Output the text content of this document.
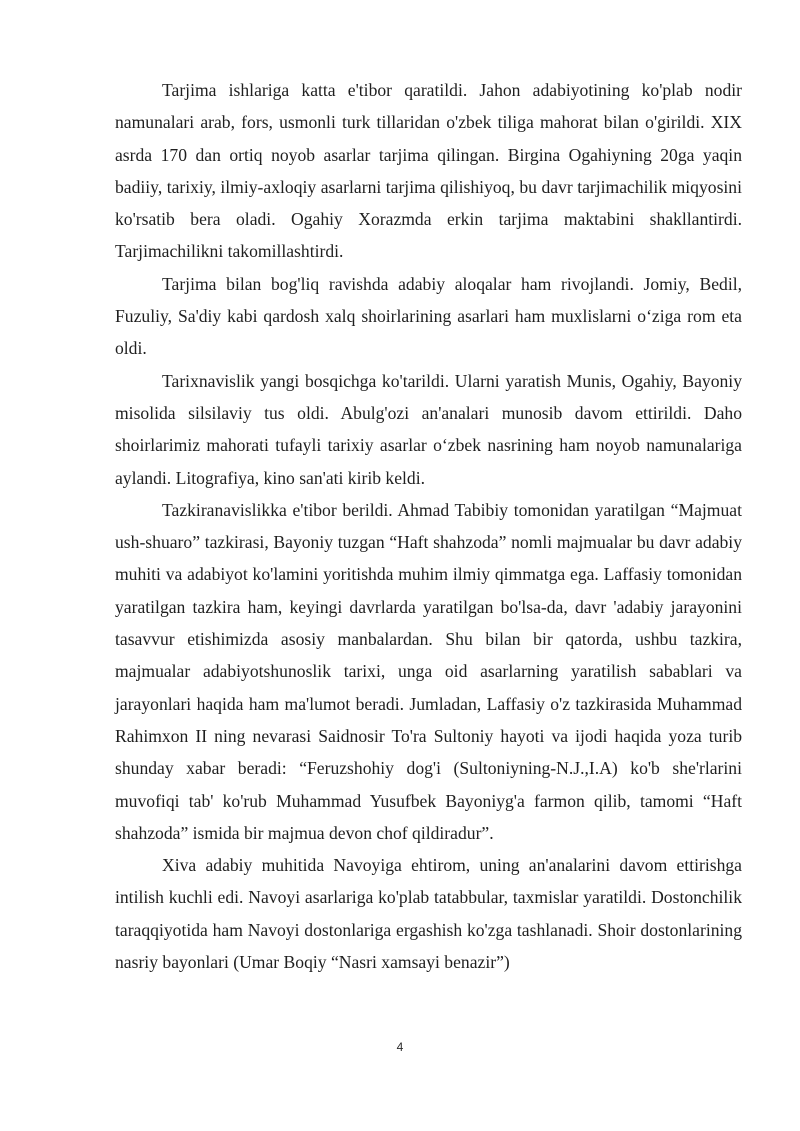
Tarjima ishlariga katta e'tibor qaratildi. Jahon adabiyotining ko'plab nodir namunalari arab, fors, usmonli turk tillaridan o'zbek tiliga mahorat bilan o'girildi. XIX asrda 170 dan ortiq noyob asarlar tarjima qilingan. Birgina Ogahiyning 20ga yaqin badiiy, tarixiy, ilmiy-axloqiy asarlarni tarjima qilishiyoq, bu davr tarjimachilik miqyosini ko'rsatib bera oladi. Ogahiy Xorazmda erkin tarjima maktabini shakllantirdi. Tarjimachilikni takomillashtirdi.

Tarjima bilan bog'liq ravishda adabiy aloqalar ham rivojlandi. Jomiy, Bedil, Fuzuliy, Sa'diy kabi qardosh xalq shoirlarining asarlari ham muxlislarni o‘ziga rom eta oldi.

Tarixnavislik yangi bosqichga ko'tarildi. Ularni yaratish Munis, Ogahiy, Bayoniy misolida silsilaviy tus oldi. Abulg'ozi an'analari munosib davom ettirildi. Daho shoirlarimiz mahorati tufayli tarixiy asarlar o‘zbek nasrining ham noyob namunalariga aylandi. Litografiya, kino san'ati kirib keldi.

Tazkiranavislikka e'tibor berildi. Ahmad Tabibiy tomonidan yaratilgan “Majmuat ush-shuaro” tazkirasi, Bayoniy tuzgan “Haft shahzoda” nomli majmualar bu davr adabiy muhiti va adabiyot ko'lamini yoritishda muhim ilmiy qimmatga ega. Laffasiy tomonidan yaratilgan tazkira ham, keyingi davrlarda yaratilgan bo'lsa-da, davr 'adabiy jarayonini tasavvur etishimizda asosiy manbalardan. Shu bilan bir qatorda, ushbu tazkira, majmualar adabiyotshunoslik tarixi, unga oid asarlarning yaratilish sabablari va jarayonlari haqida ham ma'lumot beradi. Jumladan, Laffasiy o'z tazkirasida Muhammad Rahimxon II ning nevarasi Saidnosir To'ra Sultoniy hayoti va ijodi haqida yoza turib shunday xabar beradi: “Feruzshohiy dog'i (Sultoniyning-N.J.,I.A) ko'b she'rlarini muvofiqi tab' ko'rub Muhammad Yusufbek Bayoniyg'a farmon qilib, tamomi “Haft shahzoda” ismida bir majmua devon chof qildiradur”.

Xiva adabiy muhitida Navoyiga ehtirom, uning an'analarini davom ettirishga intilish kuchli edi. Navoyi asarlariga ko'plab tatabbular, taxmislar yaratildi. Dostonchilik taraqqiyotida ham Navoyi dostonlariga ergashish ko'zga tashlanadi. Shoir dostonlarining nasriy bayonlari (Umar Boqiy “Nasri xamsayi benazir”)

4
